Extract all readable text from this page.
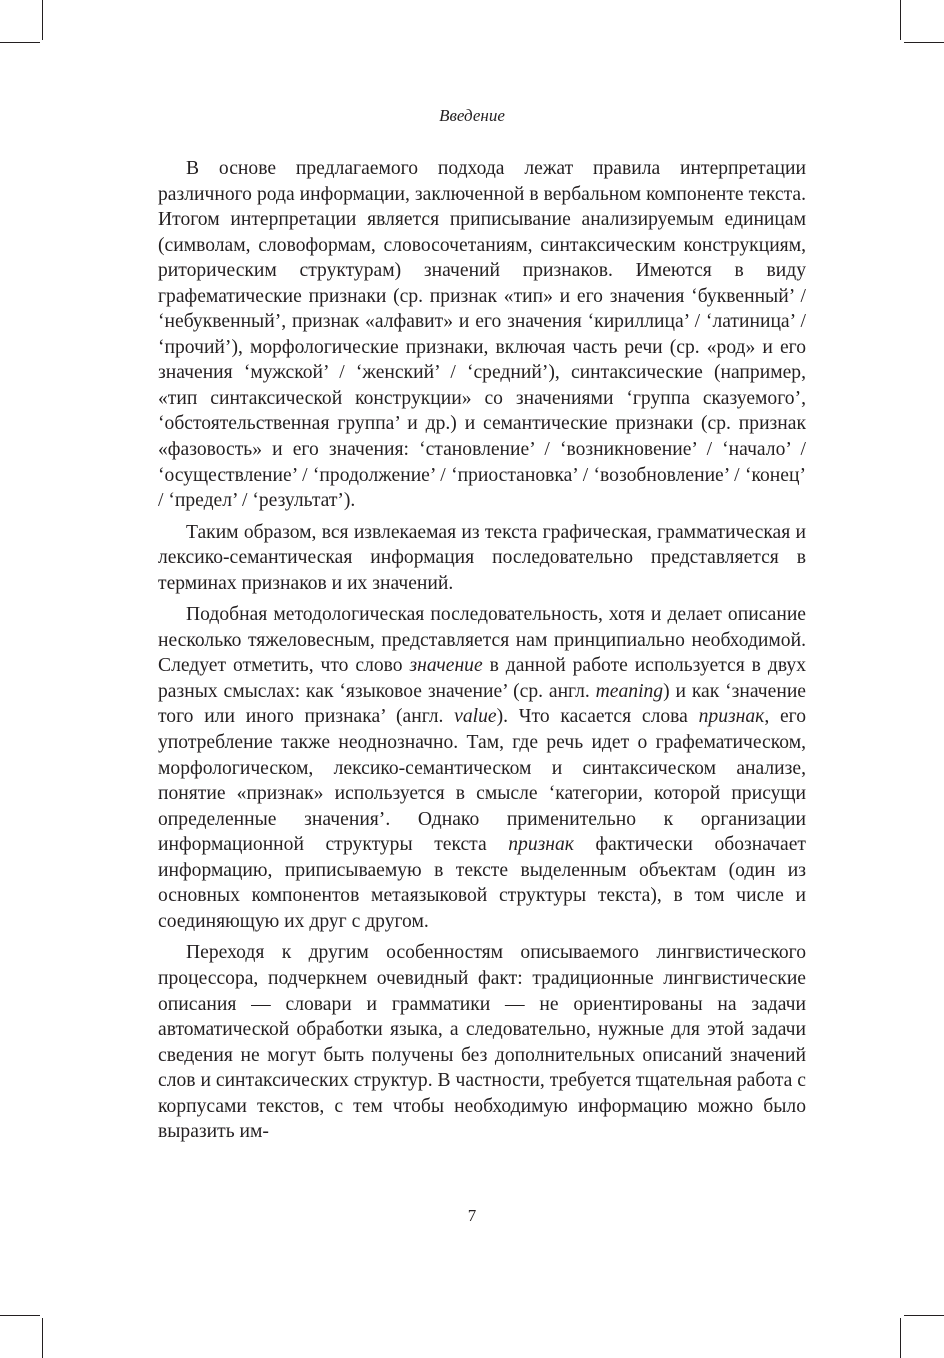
Введение

В основе предлагаемого подхода лежат правила интерпретации различного рода информации, заключенной в вербальном компоненте текста. Итогом интерпретации является приписывание анализируемым единицам (символам, словоформам, словосочетаниям, синтаксическим конструкциям, риторическим структурам) значений признаков. Имеются в виду графематические признаки (ср. признак «тип» и его значения ‘буквенный’ / ‘небуквенный’, признак «алфавит» и его значения ‘кириллица’ / ‘латиница’ / ‘прочий’), морфологические признаки, включая часть речи (ср. «род» и его значения ‘мужской’ / ‘женский’ / ‘средний’), синтаксические (например, «тип синтаксической конструкции» со значениями ‘группа сказуемого’, ‘обстоятельственная группа’ и др.) и семантические признаки (ср. признак «фазовость» и его значения: ‘становление’ / ‘возникновение’ / ‘начало’ / ‘осуществление’ / ‘продолжение’ / ‘приостановка’ / ‘возобновление’ / ‘конец’ / ‘предел’ / ‘результат’).

Таким образом, вся извлекаемая из текста графическая, грамматическая и лексико-семантическая информация последовательно представляется в терминах признаков и их значений.

Подобная методологическая последовательность, хотя и делает описание несколько тяжеловесным, представляется нам принципиально необходимой. Следует отметить, что слово значение в данной работе используется в двух разных смыслах: как ‘языковое значение’ (ср. англ. meaning) и как ‘значение того или иного признака’ (англ. value). Что касается слова признак, его употребление также неоднозначно. Там, где речь идет о графематическом, морфологическом, лексико-семантическом и синтаксическом анализе, понятие «признак» используется в смысле ‘категории, которой присущи определенные значения’. Однако применительно к организации информационной структуры текста признак фактически обозначает информацию, приписываемую в тексте выделенным объектам (один из основных компонентов метаязыковой структуры текста), в том числе и соединяющую их друг с другом.

Переходя к другим особенностям описываемого лингвистического процессора, подчеркнем очевидный факт: традиционные лингвистические описания — словари и грамматики — не ориентированы на задачи автоматической обработки языка, а следовательно, нужные для этой задачи сведения не могут быть получены без дополнительных описаний значений слов и синтаксических структур. В частности, требуется тщательная работа с корпусами текстов, с тем чтобы необходимую информацию можно было выразить им-

7
